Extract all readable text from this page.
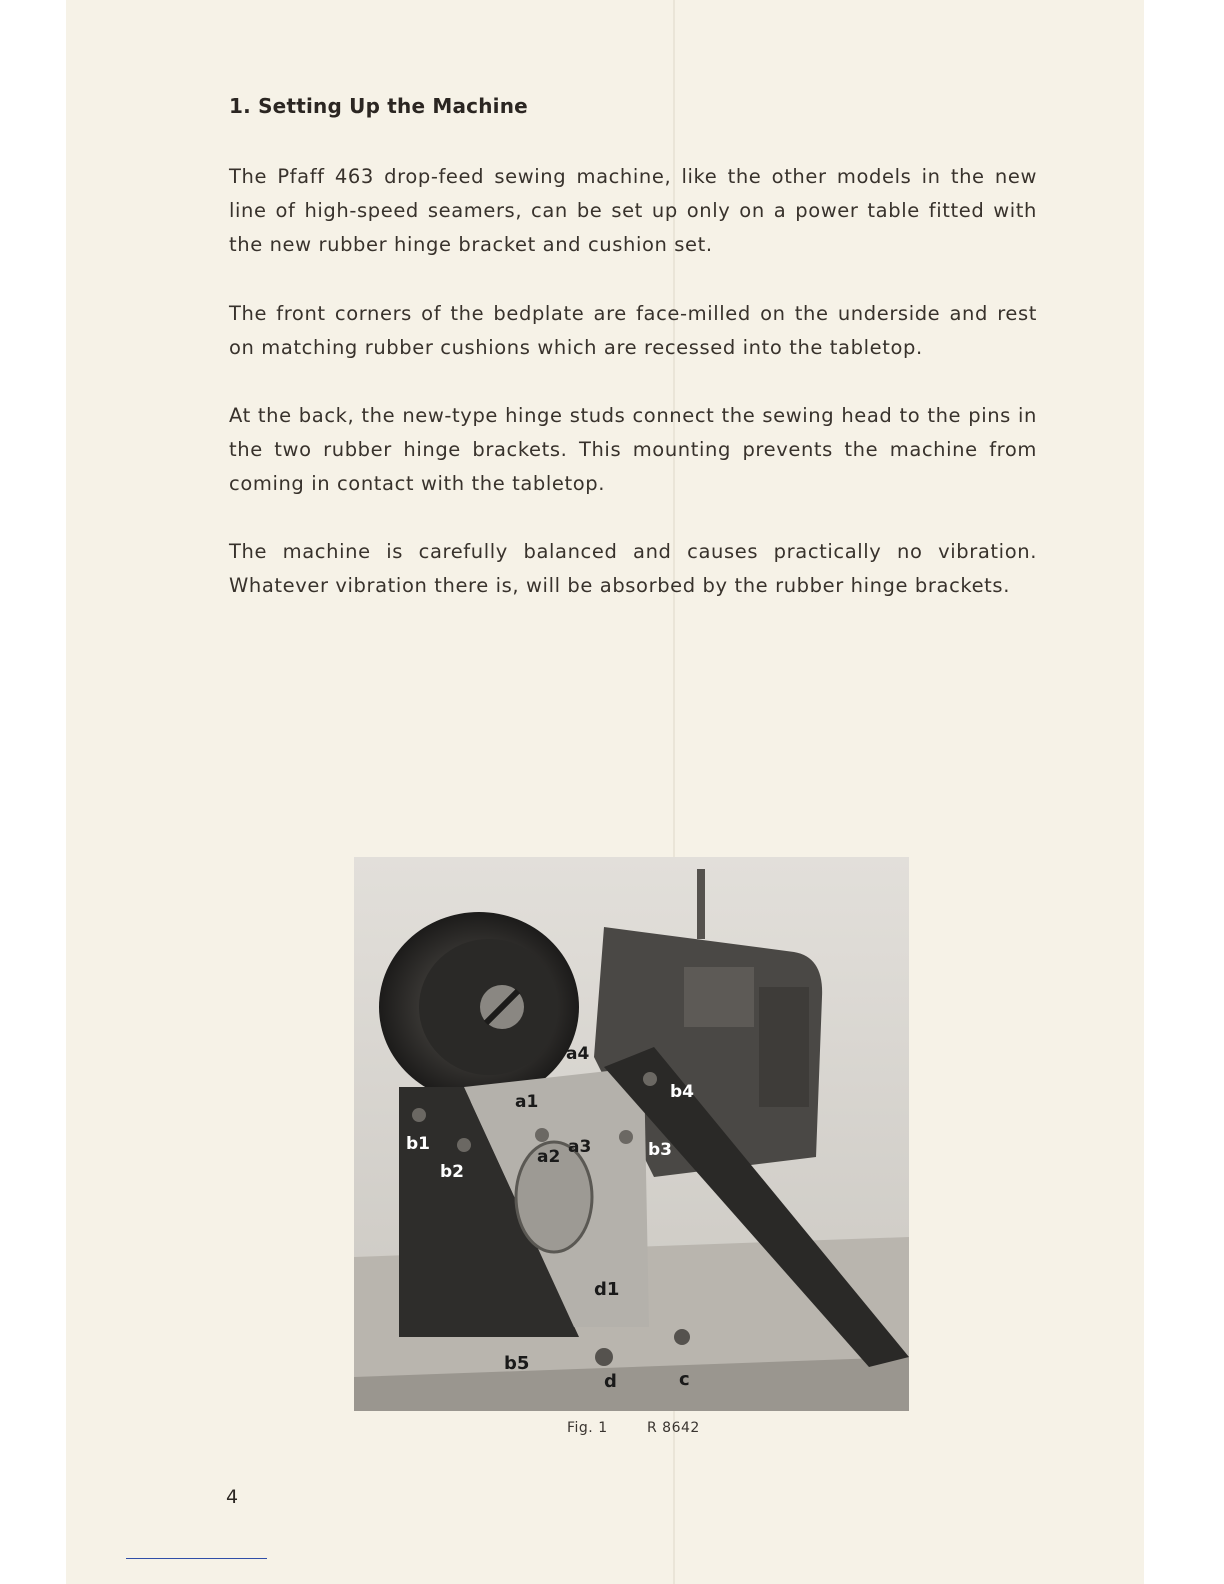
1. Setting Up the Machine

The Pfaff 463 drop-feed sewing machine, like the other models in the new line of high-speed seamers, can be set up only on a power table fitted with the new rubber hinge bracket and cushion set.

The front corners of the bedplate are face-milled on the underside and rest on matching rubber cushions which are recessed into the tabletop.

At the back, the new-type hinge studs connect the sewing head to the pins in the two rubber hinge brackets. This mounting prevents the machine from coming in contact with the tabletop.

The machine is carefully balanced and causes practically no vibration. Whatever vibration there is, will be absorbed by the rubber hinge brackets.

a4
a1
a2 a3
b4
b3
b1
b2
d1
b5
d	c
Fig. 1	R 8642
4
